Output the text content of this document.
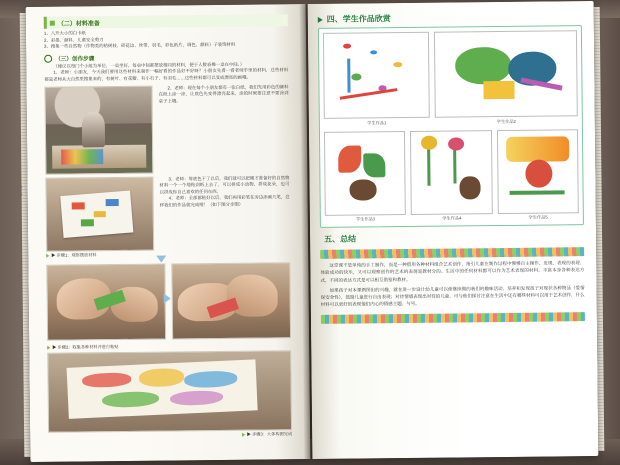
040
（二）材料准备
1、八开大小的白卡纸
2、彩墨、颜料、儿童安全剪刀
3、搜集一些自然物（作物类的枯树枝、碎花边、丝带、羽毛、彩色纸片、调色、颜料）子装饰材料
（三）创作步骤
（建议以每门个小组为单位，一桌坐好。每桌中间都摆放相同的材料，便于人数表操一桌在中间。）
1、老师：小朋友，今天我们要用这些材料来制作一幅好看的作品好不好呀？小朋友先看一看老师手里的材料，这些材料都是老师从大自然里搜集来的，有树叶、有花瓣、有小石子、有羽毛……这些材料都可以变成漂亮的画哦。
2、老师：现在每个小朋友都有一张白纸，我们先用彩色的颜料在纸上涂一涂，让底色先变得漂亮起来，涂的时候要注意不要涂到桌子上哦。
▶ 步骤1：观察摆放材料
3、老师：等底色干了以后，我们就可以把刚才准备好的自然物材料一个一个地贴到纸上去了，可以拼成小动物、拼成花朵，也可以拼成你自己喜欢的任何东西。
4、老师：全部都粘好以后，我们再用彩笔在旁边添画几笔，这样我们的作品就完成啦！（如下图分步图）
▶ 步骤2：收集各种材料并进行粘贴
▶ 步骤3：大体构图完成
041
四、学生作品欣赏
学生作品1	学生作品2
学生作品3	学生作品4	学生作品5
五、总结
这堂课不是单纯的手工制作，而是一种借用各种材料组合艺术创作，指引儿童在制作过程中慢慢自主操作、发现、表现的表现、体验成功的快乐，又可以观察创作的艺术的表现是教材分的。生活中的任何材料都可以作为艺术表现的材料，丰富本身各种表达方式，不同的表达方式是可以相互借鉴和教材。
如果孩子对本课例图出的兴趣，就在进一步设计幼儿童可以使继续做的我们的趣味活动，培养和发现孩子对现状各种物品（爱情保安全性），鼓励儿童进行自由表现；对待情感表现出对待的儿童，可与他们探讨注意在生活中还有哪些材料可以用于艺术创作，什么材料可以更好的表现他们内心的情感主题、与号。
